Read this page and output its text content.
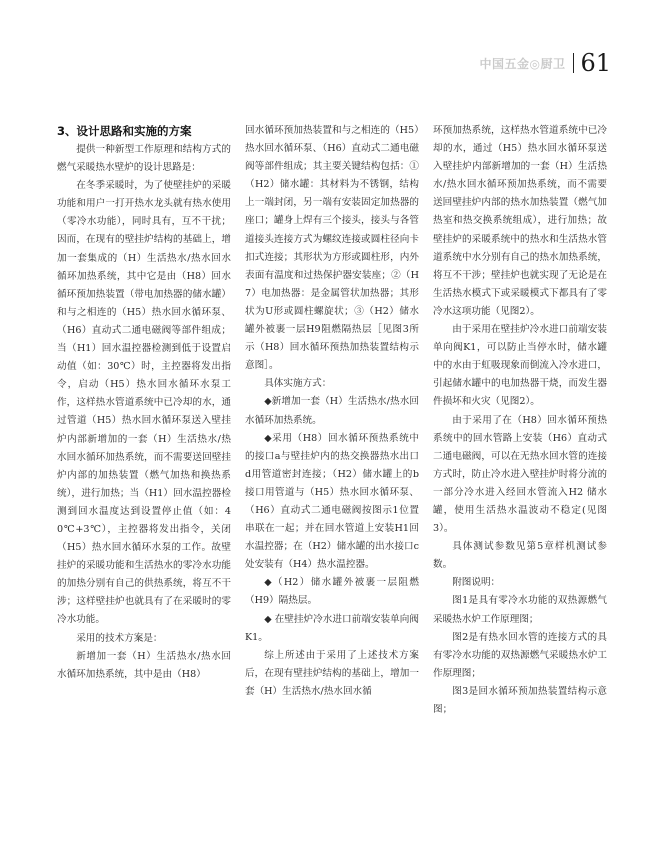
中国五金◎厨卫 61
3、设计思路和实施的方案

提供一种新型工作原理和结构方式的燃气采暖热水壁炉的设计思路是：

在冬季采暖时，为了使壁挂炉的采暖功能和用户一打开热水龙头就有热水使用（零冷水功能），同时具有，互不干扰；因而，在现有的壁挂炉结构的基础上，增加一套集成的（H）生活热水/热水回水循环加热系统，其中它是由（H8）回水循环预加热装置（带电加热器的储水罐）和与之相连的（H5）热水回水循环泵、（H6）直动式二通电磁阀等部件组成；当（H1）回水温控器检测到低于设置启动值（如：30℃）时，主控器将发出指令，启动（H5）热水回水循环水泵工作，这样热水管道系统中已冷却的水，通过管道（H5）热水回水循环泵送入壁挂炉内部新增加的一套（H）生活热水/热水回水循环加热系统，而不需要送回壁挂炉内部的加热装置（燃气加热和换热系统），进行加热；当（H1）回水温控器检测到回水温度达到设置停止值（如：40℃+3℃），主控器将发出指令，关闭（H5）热水回水循环水泵的工作。故壁挂炉的采暖功能和生活热水的零冷水功能的加热分别有自己的供热系统，将互不干涉；这样壁挂炉也就具有了在采暖时的零冷水功能。

采用的技术方案是：

新增加一套（H）生活热水/热水回水循环加热系统，其中是由（H8）

回水循环预加热装置和与之相连的（H5）热水回水循环泵、（H6）直动式二通电磁阀等部件组成；其主要关键结构包括：①（H2）储水罐：其材料为不锈钢，结构上一端封闭，另一端有安装固定加热器的座口；罐身上焊有三个接头，接头与各管道接头连接方式为螺纹连接或圆柱径向卡扣式连接；其形状为方形或圆柱形，内外表面有温度和过热保护器安装座；②（H7）电加热器：是金属管状加热器；其形状为U形或圆柱螺旋状；③（H2）储水罐外被裹一层H9阻燃隔热层［见图3所示（H8）回水循环预热加热装置结构示意图］。

具体实施方式：

◆新增加一套（H）生活热水/热水回水循环加热系统。

◆采用（H8）回水循环预热系统中的接口a与壁挂炉内的热交换器热水出口d用管道密封连接；（H2）储水罐上的b接口用管道与（H5）热水回水循环泵、（H6）直动式二通电磁阀按图示1位置串联在一起；并在回水管道上安装H1回水温控器；在（H2）储水罐的出水接口c处安装有（H4）热水温控器。

◆（H2）储水罐外被裹一层阻燃（H9）隔热层。

◆ 在壁挂炉冷水进口前端安装单向阀K1。

综上所述由于采用了上述技术方案后，在现有壁挂炉结构的基础上，增加一套（H）生活热水/热水回水循

环预加热系统，这样热水管道系统中已冷却的水，通过（H5）热水回水循环泵送入壁挂炉内部新增加的一套（H）生活热水/热水回水循环预加热系统，而不需要送回壁挂炉内部的热水加热装置（燃气加热室和热交换系统组成），进行加热；故壁挂炉的采暖系统中的热水和生活热水管道系统中水分别有自己的热水加热系统，将互不干涉；壁挂炉也就实现了无论是在生活热水模式下或采暖模式下都具有了零冷水这项功能（见图2）。

由于采用在壁挂炉冷水进口前端安装单向阀K1，可以防止当停水时，储水罐中的水由于虹吸现象而倒流入冷水进口，引起储水罐中的电加热器干烧，而发生器件损坏和火灾（见图2）。

由于采用了在（H8）回水循环预热系统中的回水管路上安装（H6）直动式二通电磁阀，可以在无热水回水管的连接方式时，防止冷水进入壁挂炉时将分流的一部分冷水进入经回水管流入H2 储水罐，使用生活热水温波动不稳定(见图3）。

具体测试参数见第5章样机测试参数。

附图说明：

图1是具有零冷水功能的双热源燃气采暖热水炉工作原理图；

图2是有热水回水管的连接方式的具有零冷水功能的双热源燃气采暖热水炉工作原理图；

图3是回水循环预加热装置结构示意图；
